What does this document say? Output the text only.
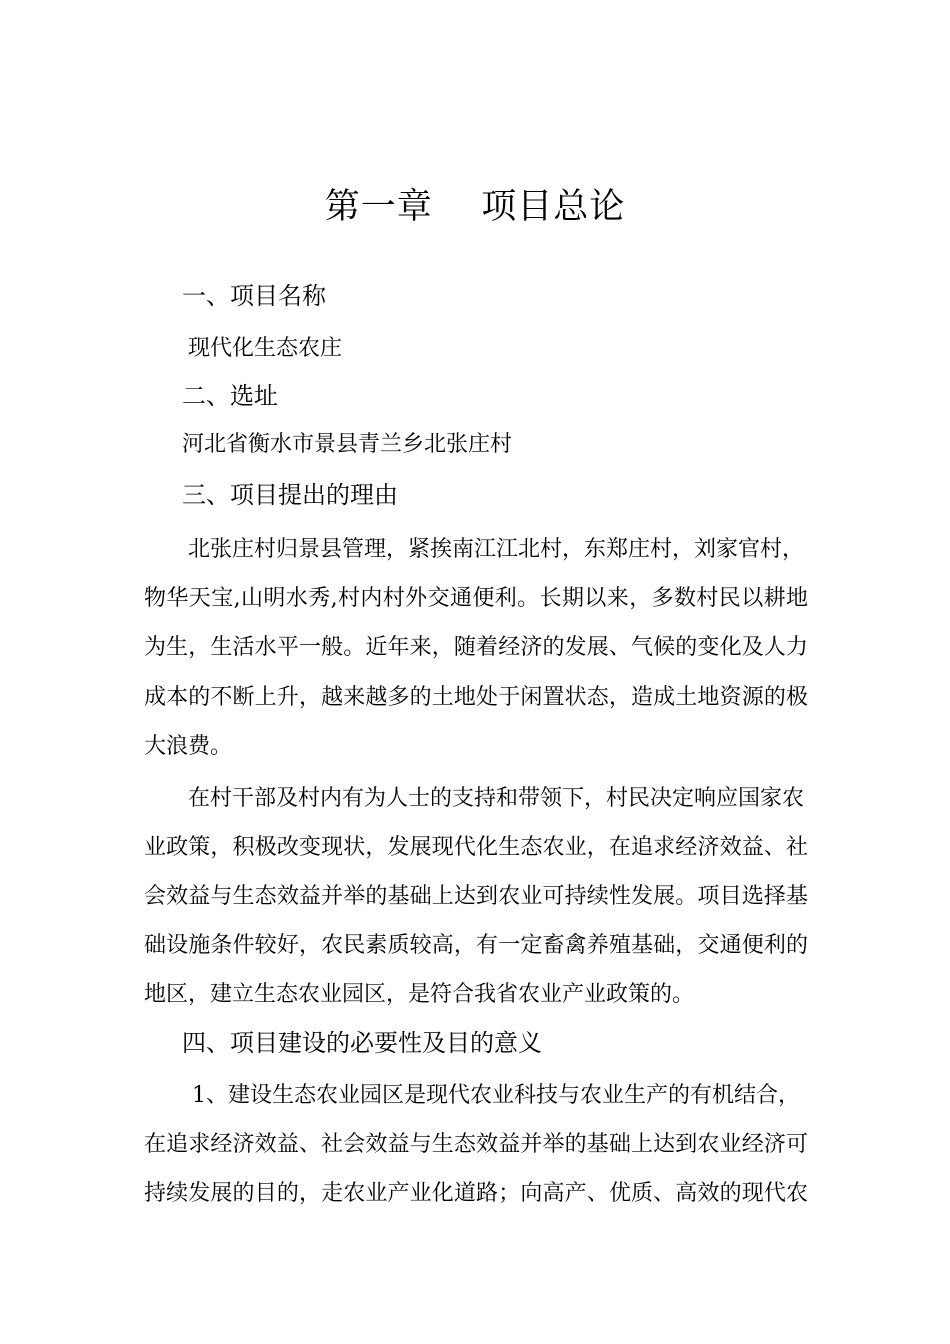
第一章    项目总论
一、项目名称
现代化生态农庄
二、选址
河北省衡水市景县青兰乡北张庄村
三、项目提出的理由
北张庄村归景县管理，紧挨南江江北村，东郑庄村，刘家官村，
物华天宝,山明水秀,村内村外交通便利。长期以来，多数村民以耕地
为生，生活水平一般。近年来，随着经济的发展、气候的变化及人力
成本的不断上升，越来越多的土地处于闲置状态，造成土地资源的极
大浪费。
在村干部及村内有为人士的支持和带领下，村民决定响应国家农
业政策，积极改变现状，发展现代化生态农业，在追求经济效益、社
会效益与生态效益并举的基础上达到农业可持续性发展。项目选择基
础设施条件较好，农民素质较高，有一定畜禽养殖基础，交通便利的
地区，建立生态农业园区，是符合我省农业产业政策的。
四、项目建设的必要性及目的意义
1、建设生态农业园区是现代农业科技与农业生产的有机结合，
在追求经济效益、社会效益与生态效益并举的基础上达到农业经济可
持续发展的目的，走农业产业化道路；向高产、优质、高效的现代农
